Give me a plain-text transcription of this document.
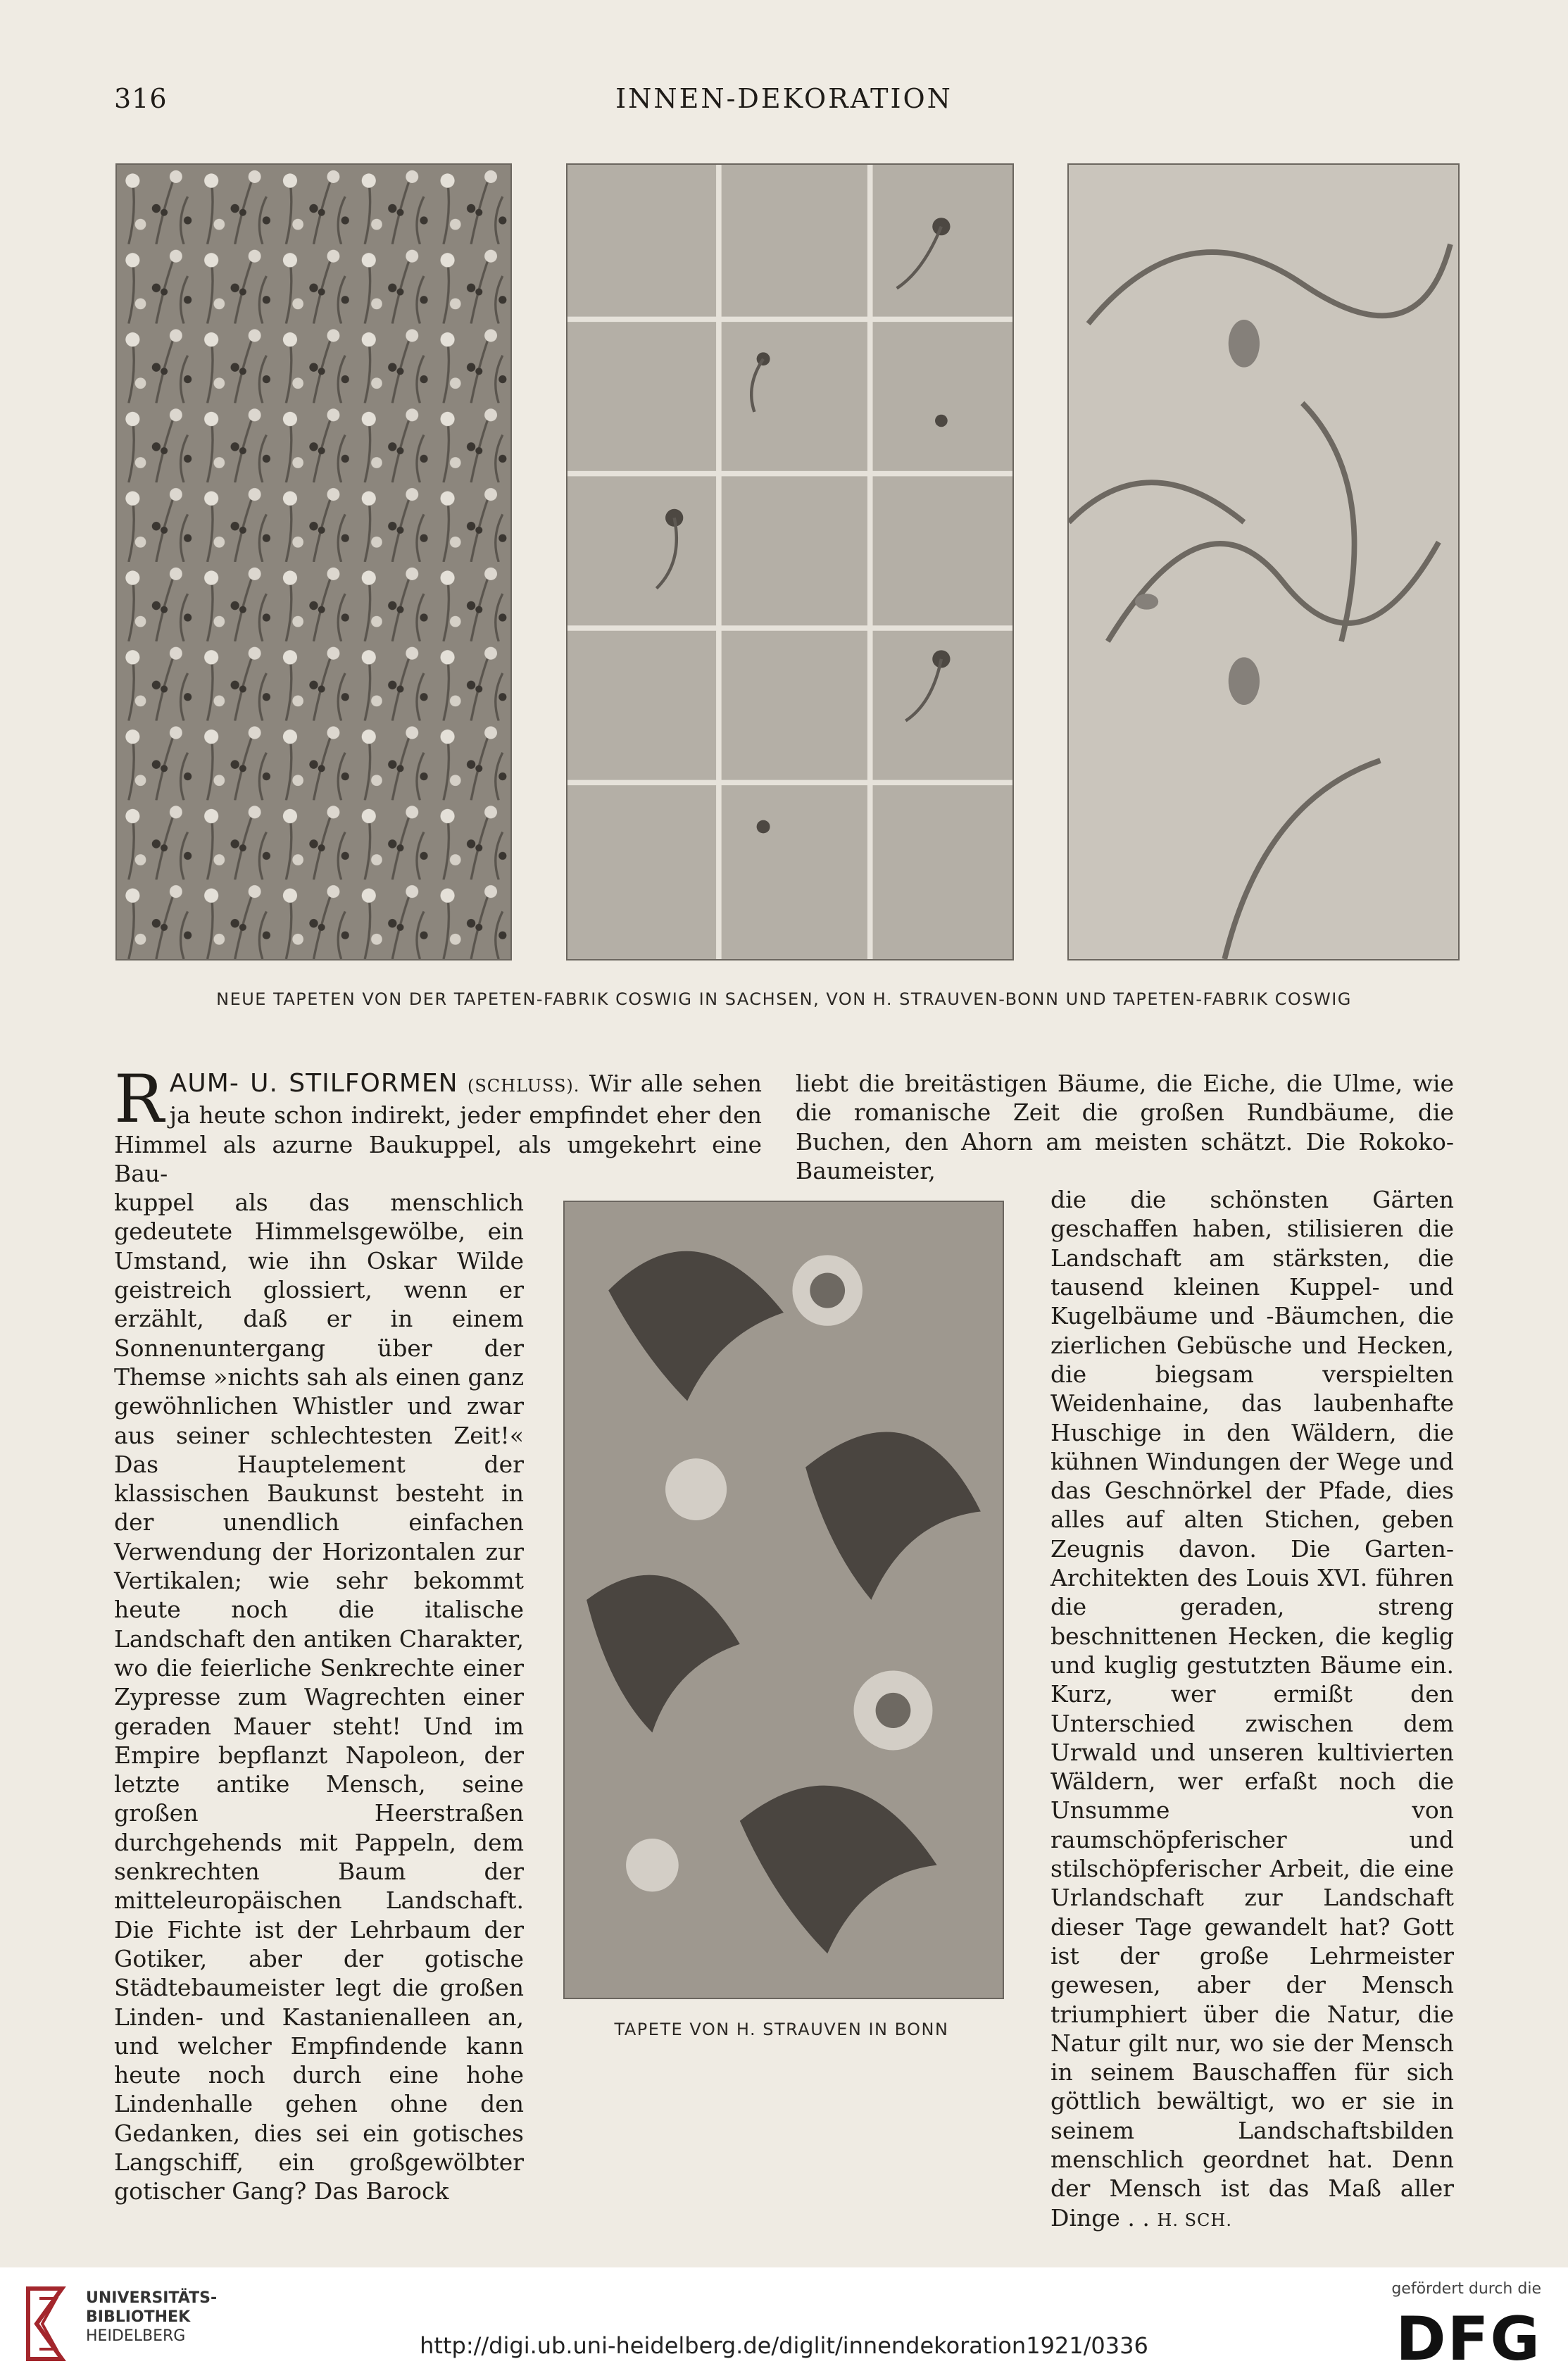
316	INNEN-DEKORATION
NEUE TAPETEN VON DER TAPETEN-FABRIK COSWIG IN SACHSEN, VON H. STRAUVEN-BONN UND TAPETEN-FABRIK COSWIG
R AUM- U. STILFORMEN (SCHLUSS). Wir alle sehen ja heute schon indirekt, jeder empfindet eher den Himmel als azurne Baukuppel, als umgekehrt eine Bau-

kuppel als das menschlich gedeutete Himmelsgewölbe, ein Umstand, wie ihn Oskar Wilde geistreich glossiert, wenn er erzählt, daß er in einem Sonnenuntergang über der Themse »nichts sah als einen ganz gewöhnlichen Whistler und zwar aus seiner schlechtesten Zeit!« Das Hauptelement der klassischen Baukunst besteht in der unendlich einfachen Verwendung der Horizontalen zur Vertikalen; wie sehr bekommt heute noch die italische Landschaft den antiken Charakter, wo die feierliche Senkrechte einer Zypresse zum Wagrechten einer geraden Mauer steht! Und im Empire bepflanzt Napoleon, der letzte antike Mensch, seine großen Heerstraßen durchgehends mit Pappeln, dem senkrechten Baum der mitteleuropäischen Landschaft. Die Fichte ist der Lehrbaum der Gotiker, aber der gotische Städtebaumeister legt die großen Linden- und Kastanienalleen an, und welcher Empfindende kann heute noch durch eine hohe Lindenhalle gehen ohne den Gedanken, dies sei ein gotisches Langschiff, ein großgewölbter gotischer Gang? Das Barock

TAPETE VON H. STRAUVEN IN BONN

liebt die breitästigen Bäume, die Eiche, die Ulme, wie die romanische Zeit die großen Rundbäume, die Buchen, den Ahorn am meisten schätzt. Die Rokoko-Baumeister,

die die schönsten Gärten geschaffen haben, stilisieren die Landschaft am stärksten, die tausend kleinen Kuppel- und Kugelbäume und -Bäumchen, die zierlichen Gebüsche und Hecken, die biegsam verspielten Weidenhaine, das laubenhafte Huschige in den Wäldern, die kühnen Windungen der Wege und das Geschnörkel der Pfade, dies alles auf alten Stichen, geben Zeugnis davon. Die Garten-Architekten des Louis XVI. führen die geraden, streng beschnittenen Hecken, die keglig und kuglig gestutzten Bäume ein. Kurz, wer ermißt den Unterschied zwischen dem Urwald und unseren kultivierten Wäldern, wer erfaßt noch die Unsumme von raumschöpferischer und stilschöpferischer Arbeit, die eine Urlandschaft zur Landschaft dieser Tage gewandelt hat? Gott ist der große Lehrmeister gewesen, aber der Mensch triumphiert über die Natur, die Natur gilt nur, wo sie der Mensch in seinem Bauschaffen für sich göttlich bewältigt, wo er sie in seinem Landschaftsbilden menschlich geordnet hat. Denn der Mensch ist das Maß aller Dinge . . H. SCH.

UNIVERSITÄTS-
BIBLIOTHEK
HEIDELBERG	http://digi.ub.uni-heidelberg.de/diglit/innendekoration1921/0336
gefördert durch die
DFG
